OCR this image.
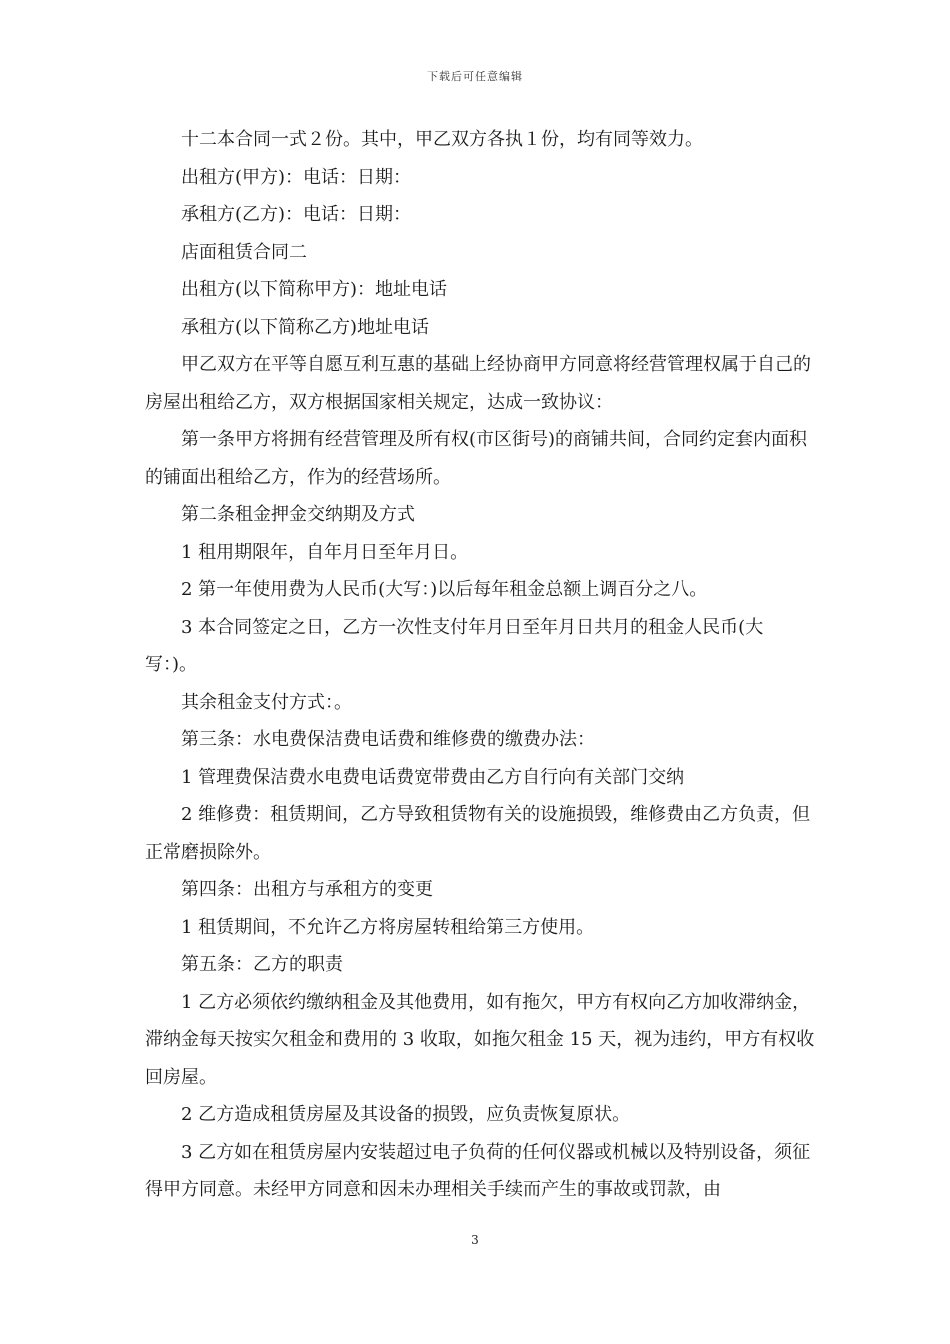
下载后可任意编辑

十二本合同一式２份。其中，甲乙双方各执１份，均有同等效力。

出租方(甲方)：电话：日期：

承租方(乙方)：电话：日期：

店面租赁合同二

出租方(以下简称甲方)：地址电话

承租方(以下简称乙方)地址电话

甲乙双方在平等自愿互利互惠的基础上经协商甲方同意将经营管理权属于自己的房屋出租给乙方，双方根据国家相关规定，达成一致协议：

第一条甲方将拥有经营管理及所有权(市区街号)的商铺共间，合同约定套内面积的铺面出租给乙方，作为的经营场所。

第二条租金押金交纳期及方式

1 租用期限年，自年月日至年月日。

2 第一年使用费为人民币(大写：)以后每年租金总额上调百分之八。

3 本合同签定之日，乙方一次性支付年月日至年月日共月的租金人民币(大写：)。

其余租金支付方式：。

第三条：水电费保洁费电话费和维修费的缴费办法：

1 管理费保洁费水电费电话费宽带费由乙方自行向有关部门交纳

2 维修费：租赁期间，乙方导致租赁物有关的设施损毁，维修费由乙方负责，但正常磨损除外。

第四条：出租方与承租方的变更

1 租赁期间，不允许乙方将房屋转租给第三方使用。

第五条：乙方的职责

1 乙方必须依约缴纳租金及其他费用，如有拖欠，甲方有权向乙方加收滞纳金，滞纳金每天按实欠租金和费用的 3 收取，如拖欠租金 15 天，视为违约，甲方有权收回房屋。

2 乙方造成租赁房屋及其设备的损毁，应负责恢复原状。

3 乙方如在租赁房屋内安装超过电子负荷的任何仪器或机械以及特别设备，须征得甲方同意。未经甲方同意和因未办理相关手续而产生的事故或罚款，由

3
